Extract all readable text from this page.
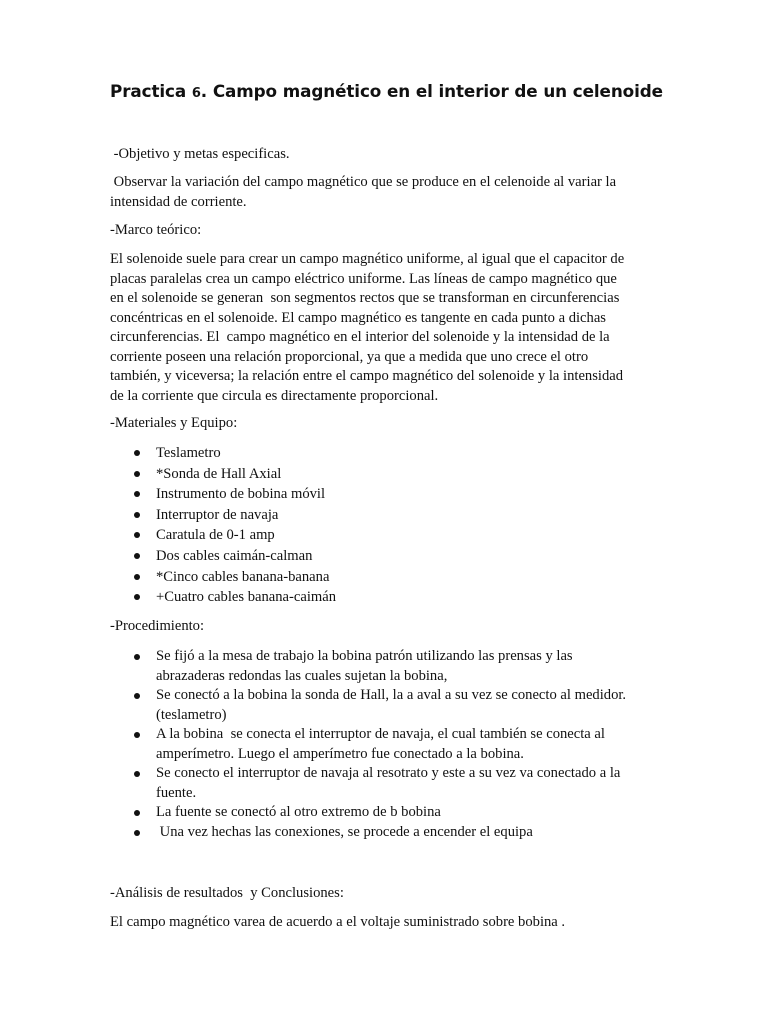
Practica 6. Campo magnético en el interior de un celenoide

-Objetivo y metas especificas.

Observar la variación del campo magnético que se produce en el celenoide al variar la
intensidad de corriente.

-Marco teórico:

El solenoide suele para crear un campo magnético uniforme, al igual que el capacitor de
placas paralelas crea un campo eléctrico uniforme. Las líneas de campo magnético que
en el solenoide se generan  son segmentos rectos que se transforman en circunferencias
concéntricas en el solenoide. El campo magnético es tangente en cada punto a dichas
circunferencias. El  campo magnético en el interior del solenoide y la intensidad de la
corriente poseen una relación proporcional, ya que a medida que uno crece el otro
también, y viceversa; la relación entre el campo magnético del solenoide y la intensidad
de la corriente que circula es directamente proporcional.

-Materiales y Equipo:

Teslametro
*Sonda de Hall Axial
Instrumento de bobina móvil
Interruptor de navaja
Caratula de 0-1 amp
Dos cables caimán-calman
*Cinco cables banana-banana
+Cuatro cables banana-caimán

-Procedimiento:

Se fijó a la mesa de trabajo la bobina patrón utilizando las prensas y las
abrazaderas redondas las cuales sujetan la bobina,
Se conectó a la bobina la sonda de Hall, la a aval a su vez se conecto al medidor.
(teslametro)
A la bobina  se conecta el interruptor de navaja, el cual también se conecta al
amperímetro. Luego el amperímetro fue conectado a la bobina.
Se conecto el interruptor de navaja al resotrato y este a su vez va conectado a la
fuente.
La fuente se conectó al otro extremo de b bobina
Una vez hechas las conexiones, se procede a encender el equipa

-Análisis de resultados  y Conclusiones:

El campo magnético varea de acuerdo a el voltaje suministrado sobre bobina .
